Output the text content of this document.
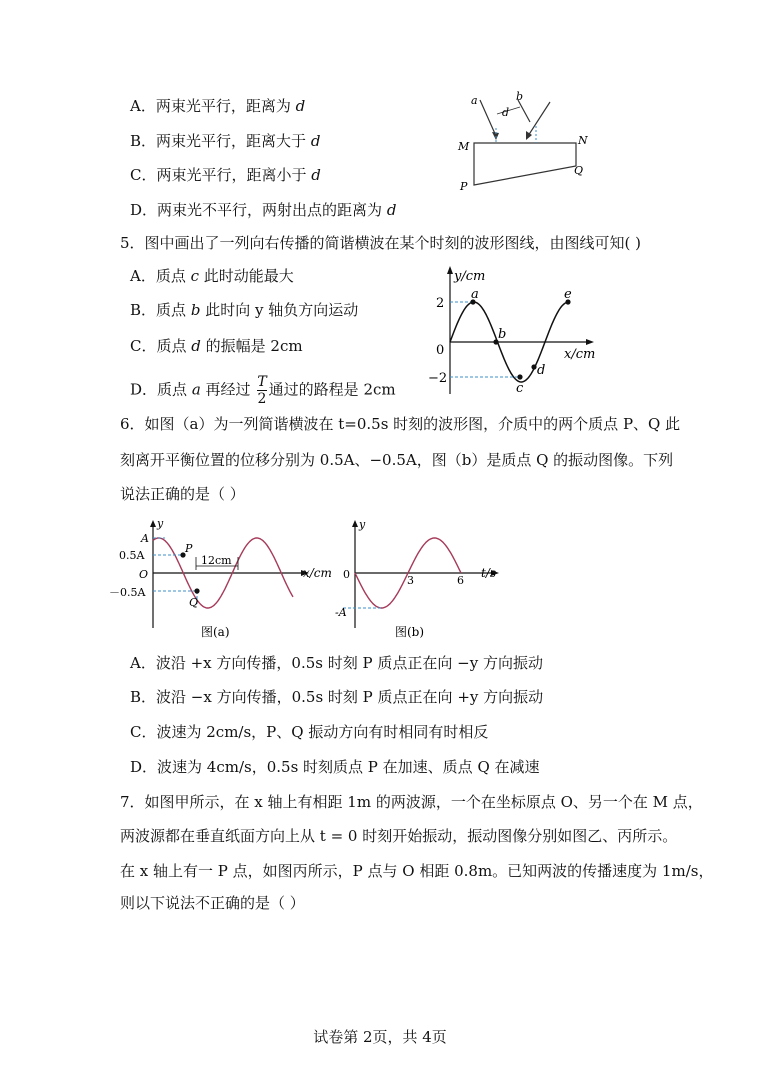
A．两束光平行，距离为 d
B．两束光平行，距离大于 d
C．两束光平行，距离小于 d
D．两束光不平行，两射出点的距离为 d
a	b
d
M	N
P
Q
5．图中画出了一列向右传播的简谐横波在某个时刻的波形图线，由图线可知( )
A．质点 c 此时动能最大
B．质点 b 此时向 y 轴负方向运动
C．质点 d 的振幅是 2cm
D．质点 a 再经过 $\frac{T}{2}$ 通过的路程是 2cm
y/cm
x/cm
2
0
−2
a
b
c
d
e
6．如图（a）为一列简谐横波在 t=0.5s 时刻的波形图，介质中的两个质点 P、Q 此
刻离开平衡位置的位移分别为 0.5A、−0.5A，图（b）是质点 Q 的振动图像。下列
说法正确的是（ ）
y
x/cm
A
0.5A
O
－0.5A
P
Q
12cm
图(a)
y
t/s
0	3	6
-A
图(b)
A．波沿 +x 方向传播，0.5s 时刻 P 质点正在向 −y 方向振动
B．波沿 −x 方向传播，0.5s 时刻 P 质点正在向 +y 方向振动
C．波速为 2cm/s，P、Q 振动方向有时相同有时相反
D．波速为 4cm/s，0.5s 时刻质点 P 在加速、质点 Q 在减速
7．如图甲所示，在 x 轴上有相距 1m 的两波源，一个在坐标原点 O、另一个在 M 点，
两波源都在垂直纸面方向上从 t = 0 时刻开始振动，振动图像分别如图乙、丙所示。
在 x 轴上有一 P 点，如图丙所示，P 点与 O 相距 0.8m。已知两波的传播速度为 1m/s，
则以下说法不正确的是（ ）
试卷第 2页，共 4页
